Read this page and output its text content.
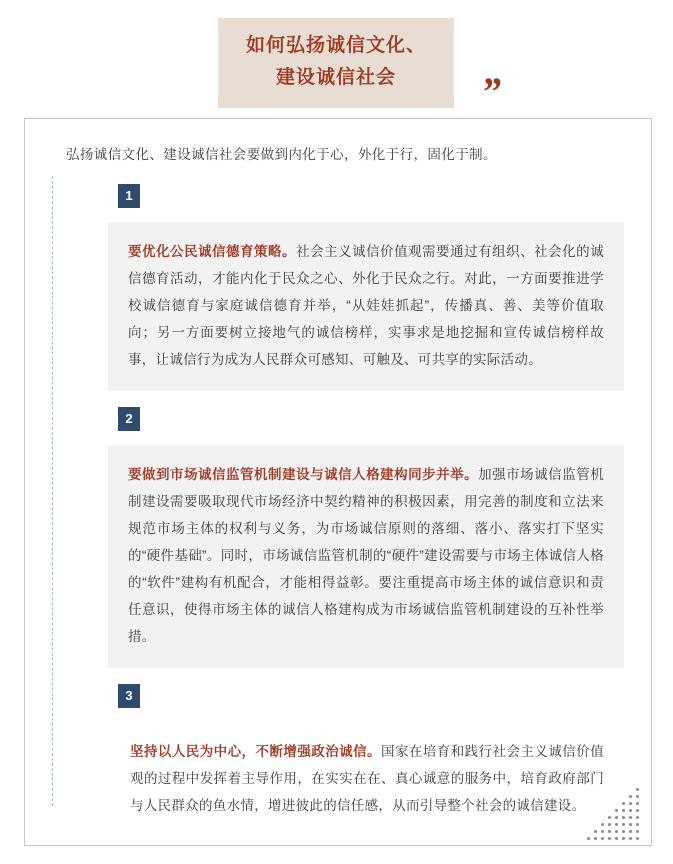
如何弘扬诚信文化、
建设诚信社会	”
弘扬诚信文化、建设诚信社会要做到内化于心，外化于行，固化于制。
1
要优化公民诚信德育策略。社会主义诚信价值观需要通过有组织、社会化的诚信德育活动，才能内化于民众之心、外化于民众之行。对此，一方面要推进学校诚信德育与家庭诚信德育并举，“从娃娃抓起”，传播真、善、美等价值取向；另一方面要树立接地气的诚信榜样，实事求是地挖掘和宣传诚信榜样故事，让诚信行为成为人民群众可感知、可触及、可共享的实际活动。
2
要做到市场诚信监管机制建设与诚信人格建构同步并举。加强市场诚信监管机制建设需要吸取现代市场经济中契约精神的积极因素，用完善的制度和立法来规范市场主体的权利与义务，为市场诚信原则的落细、落小、落实打下坚实的“硬件基础”。同时，市场诚信监管机制的“硬件”建设需要与市场主体诚信人格的“软件”建构有机配合，才能相得益彰。要注重提高市场主体的诚信意识和责任意识，使得市场主体的诚信人格建构成为市场诚信监管机制建设的互补性举措。
3
坚持以人民为中心，不断增强政治诚信。国家在培育和践行社会主义诚信价值观的过程中发挥着主导作用，在实实在在、真心诚意的服务中，培育政府部门与人民群众的鱼水情，增进彼此的信任感，从而引导整个社会的诚信建设。
